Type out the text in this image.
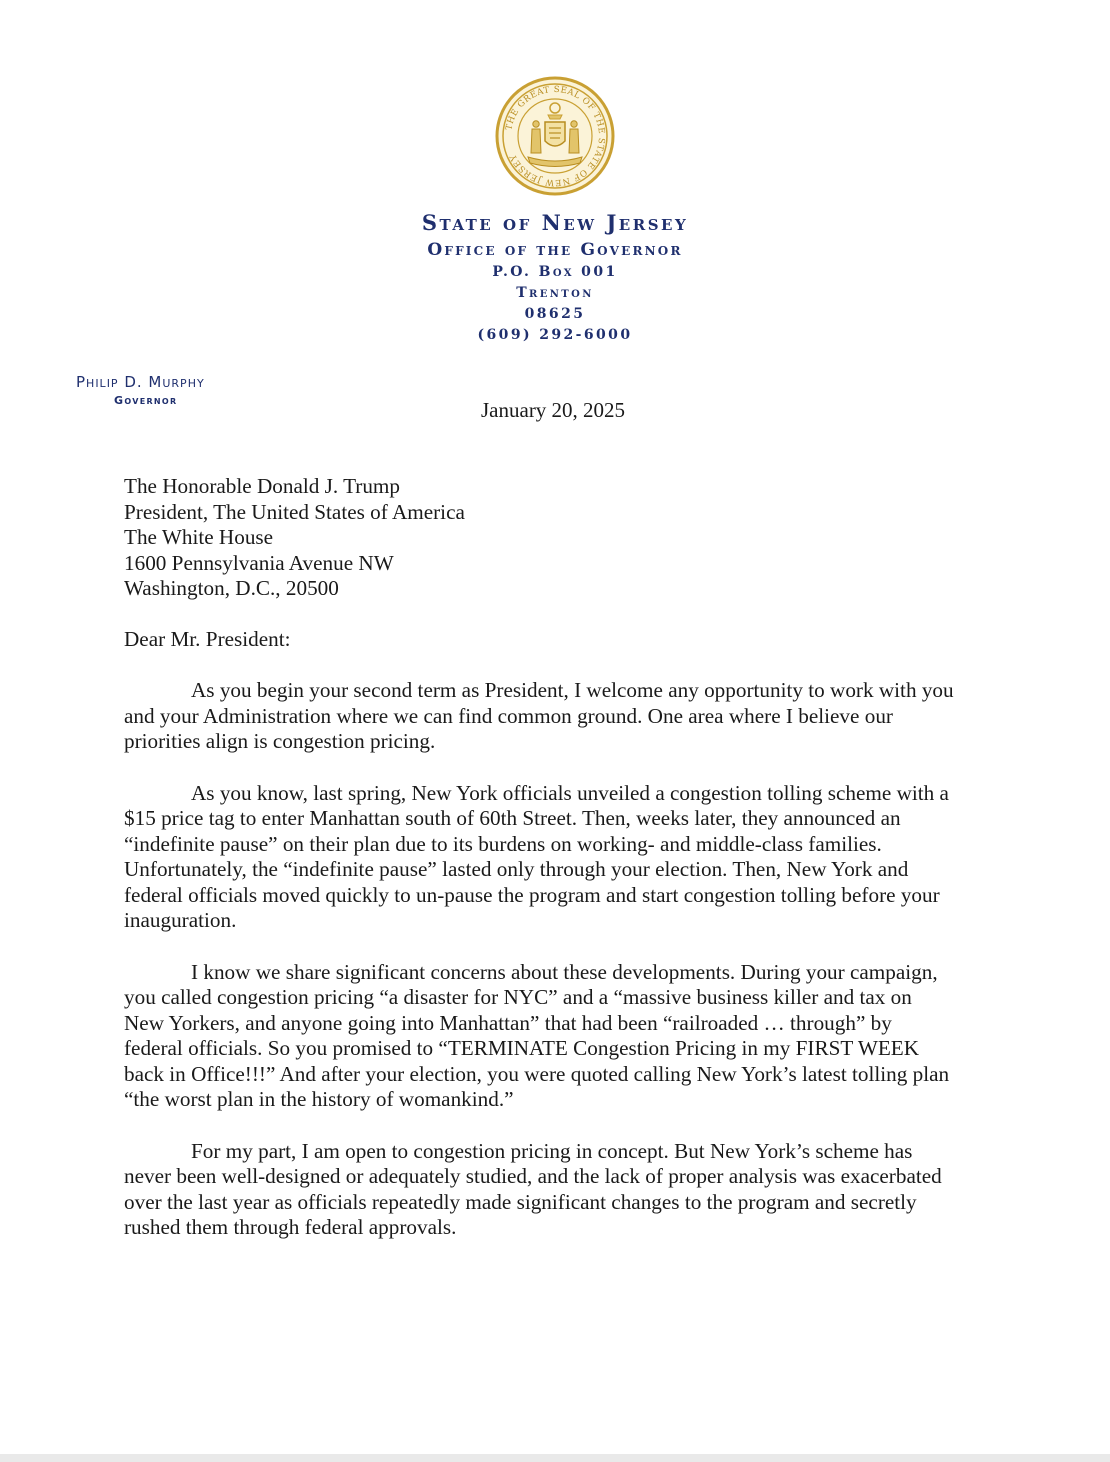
THE GREAT SEAL OF THE STATE OF NEW JERSEY
State of New Jersey
Office of the Governor
P.O. Box 001
Trenton
08625
(609) 292-6000
Philip D. Murphy
Governor	January 20, 2025
The Honorable Donald J. Trump
President, The United States of America
The White House
1600 Pennsylvania Avenue NW
Washington, D.C., 20500
Dear Mr. President:
As you begin your second term as President, I welcome any opportunity to work with you
and your Administration where we can find common ground. One area where I believe our
priorities align is congestion pricing.
As you know, last spring, New York officials unveiled a congestion tolling scheme with a
$15 price tag to enter Manhattan south of 60th Street. Then, weeks later, they announced an
“indefinite pause” on their plan due to its burdens on working- and middle-class families.
Unfortunately, the “indefinite pause” lasted only through your election. Then, New York and
federal officials moved quickly to un-pause the program and start congestion tolling before your
inauguration.
I know we share significant concerns about these developments. During your campaign,
you called congestion pricing “a disaster for NYC” and a “massive business killer and tax on
New Yorkers, and anyone going into Manhattan” that had been “railroaded … through” by
federal officials. So you promised to “TERMINATE Congestion Pricing in my FIRST WEEK
back in Office!!!” And after your election, you were quoted calling New York’s latest tolling plan
“the worst plan in the history of womankind.”
For my part, I am open to congestion pricing in concept. But New York’s scheme has
never been well-designed or adequately studied, and the lack of proper analysis was exacerbated
over the last year as officials repeatedly made significant changes to the program and secretly
rushed them through federal approvals.
